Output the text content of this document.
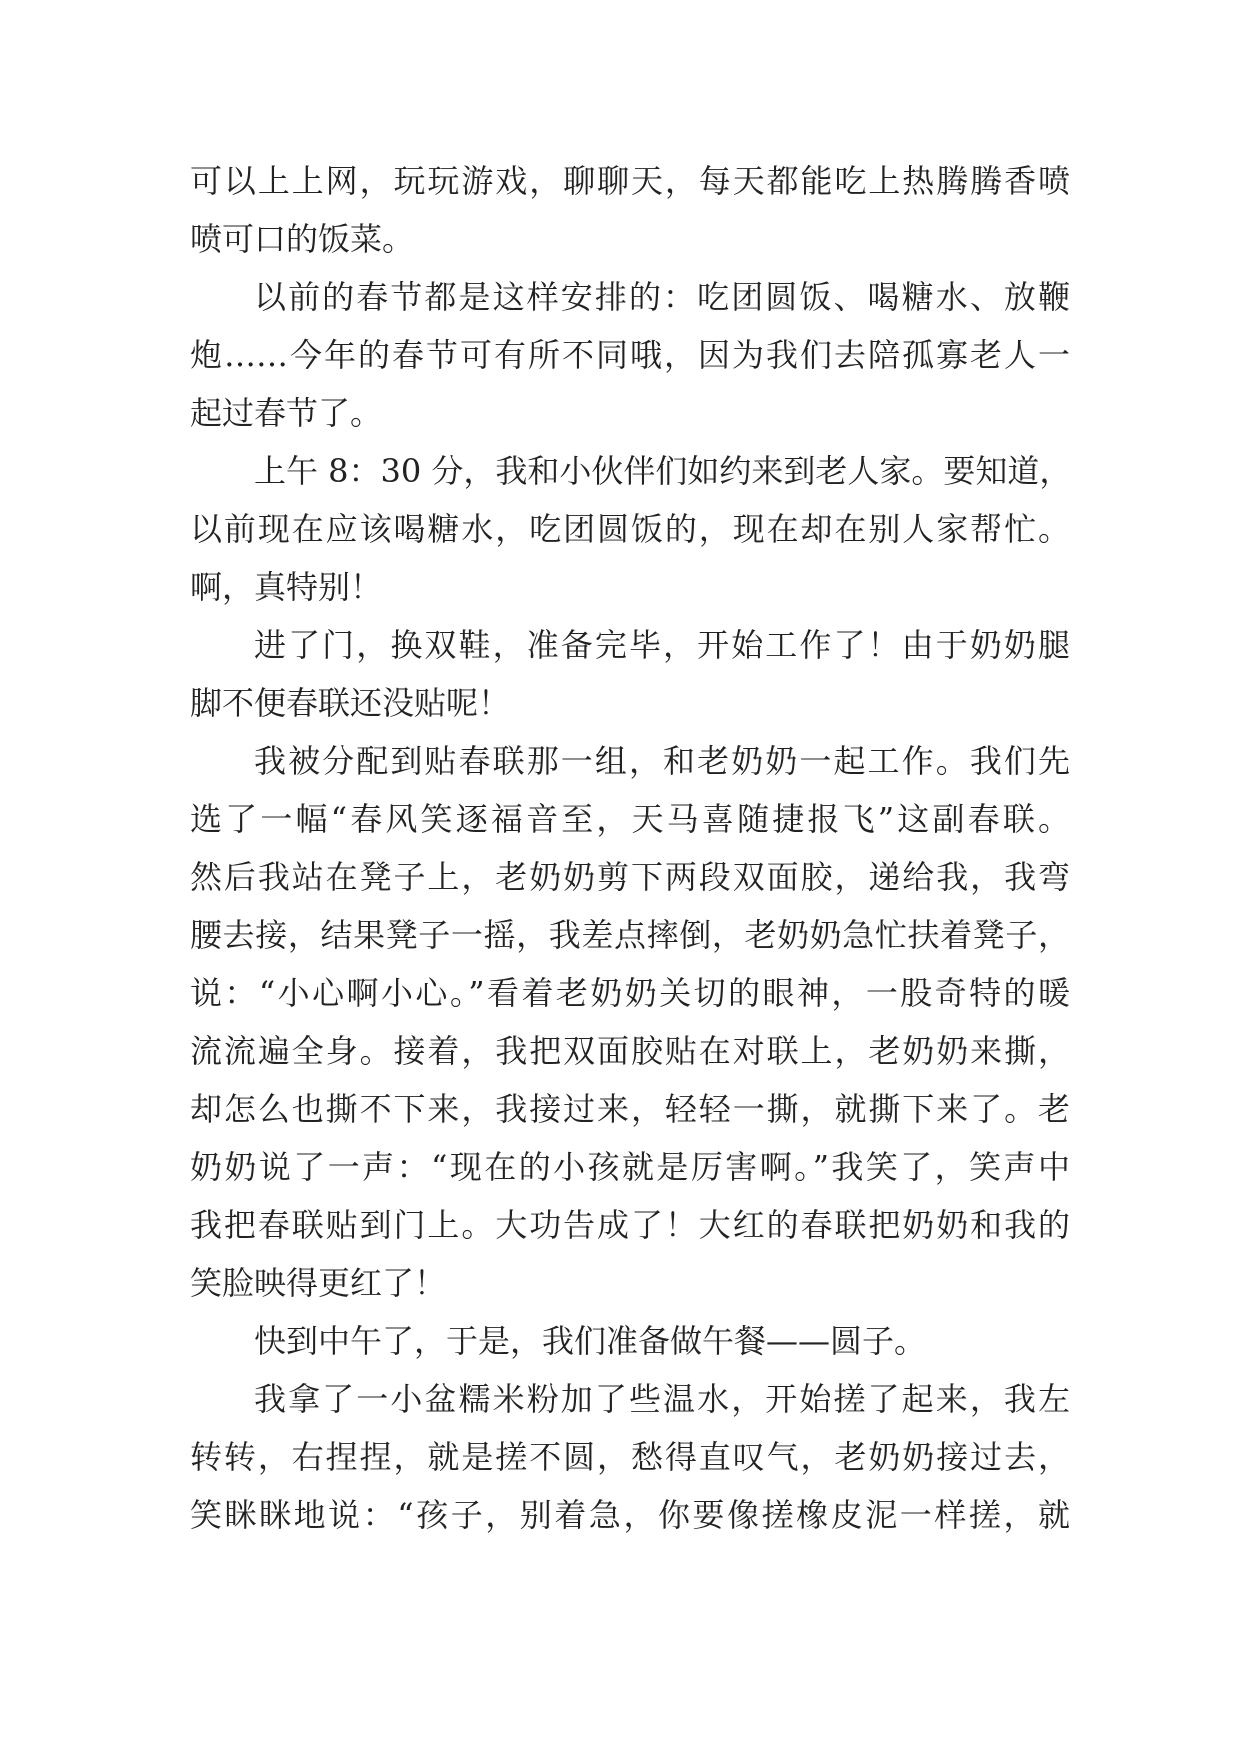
可以上上网，玩玩游戏，聊聊天，每天都能吃上热腾腾香喷
喷可口的饭菜。
以前的春节都是这样安排的：吃团圆饭、喝糖水、放鞭
炮……今年的春节可有所不同哦，因为我们去陪孤寡老人一
起过春节了。
上午 8：30 分，我和小伙伴们如约来到老人家。要知道，
以前现在应该喝糖水，吃团圆饭的，现在却在别人家帮忙。
啊，真特别！
进了门，换双鞋，准备完毕，开始工作了！由于奶奶腿
脚不便春联还没贴呢！
我被分配到贴春联那一组，和老奶奶一起工作。我们先
选了一幅“春风笑逐福音至，天马喜随捷报飞”这副春联。
然后我站在凳子上，老奶奶剪下两段双面胶，递给我，我弯
腰去接，结果凳子一摇，我差点摔倒，老奶奶急忙扶着凳子，
说：“小心啊小心。”看着老奶奶关切的眼神，一股奇特的暖
流流遍全身。接着，我把双面胶贴在对联上，老奶奶来撕，
却怎么也撕不下来，我接过来，轻轻一撕，就撕下来了。老
奶奶说了一声：“现在的小孩就是厉害啊。”我笑了，笑声中
我把春联贴到门上。大功告成了！大红的春联把奶奶和我的
笑脸映得更红了！
快到中午了，于是，我们准备做午餐——圆子。
我拿了一小盆糯米粉加了些温水，开始搓了起来，我左
转转，右捏捏，就是搓不圆，愁得直叹气，老奶奶接过去，
笑眯眯地说：“孩子，别着急，你要像搓橡皮泥一样搓，就
